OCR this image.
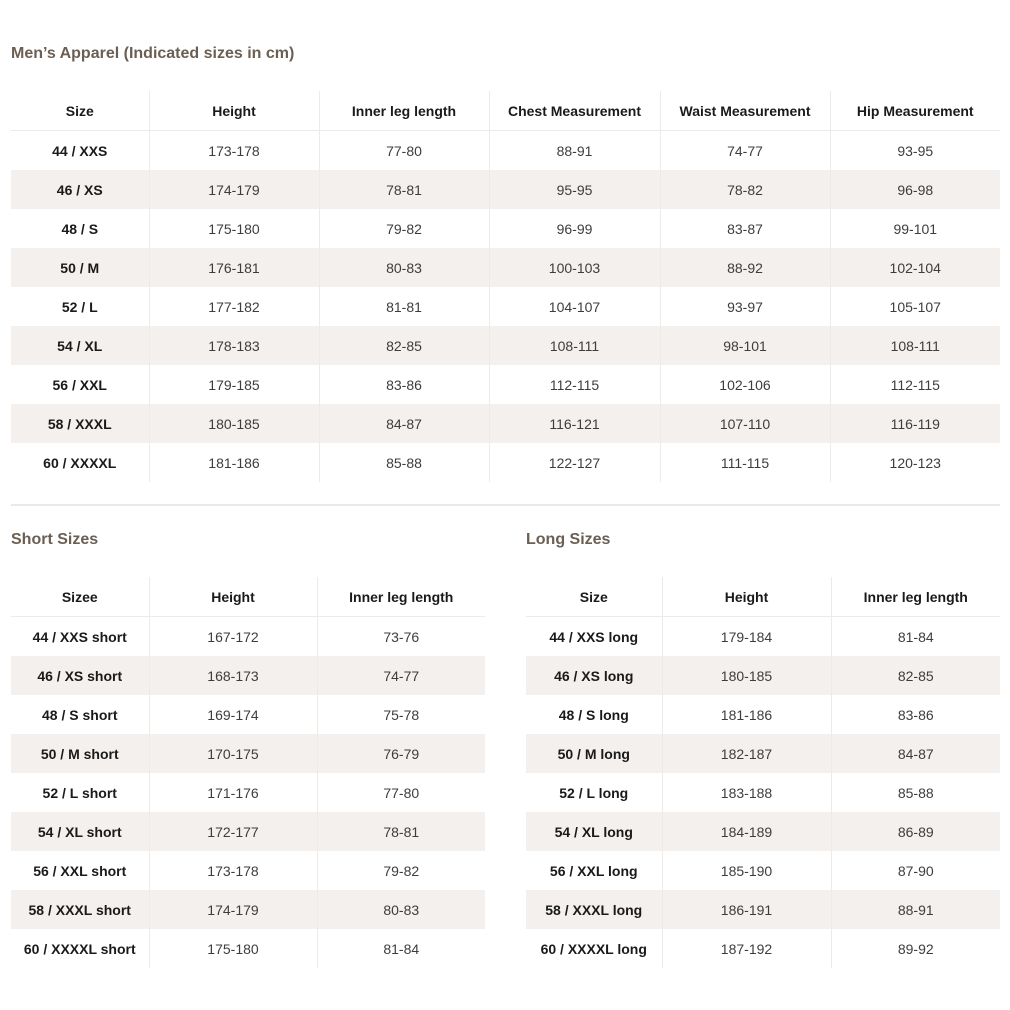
Men’s Apparel (Indicated sizes in cm)
Size	Height	Inner leg length	Chest Measurement	Waist Measurement	Hip Measurement
44 / XXS	173-178	77-80	88-91	74-77	93-95
46 / XS	174-179	78-81	95-95	78-82	96-98
48 / S	175-180	79-82	96-99	83-87	99-101
50 / M	176-181	80-83	100-103	88-92	102-104
52 / L	177-182	81-81	104-107	93-97	105-107
54 / XL	178-183	82-85	108-111	98-101	108-111
56 / XXL	179-185	83-86	112-115	102-106	112-115
58 / XXXL	180-185	84-87	116-121	107-110	116-119
60 / XXXXL	181-186	85-88	122-127	111-115	120-123
Short Sizes
Sizee	Height	Inner leg length
44 / XXS short	167-172	73-76
46 / XS short	168-173	74-77
48 / S short	169-174	75-78
50 / M short	170-175	76-79
52 / L short	171-176	77-80
54 / XL short	172-177	78-81
56 / XXL short	173-178	79-82
58 / XXXL short	174-179	80-83
60 / XXXXL short	175-180	81-84
Long Sizes
Size	Height	Inner leg length
44 / XXS long	179-184	81-84
46 / XS long	180-185	82-85
48 / S long	181-186	83-86
50 / M long	182-187	84-87
52 / L long	183-188	85-88
54 / XL long	184-189	86-89
56 / XXL long	185-190	87-90
58 / XXXL long	186-191	88-91
60 / XXXXL long	187-192	89-92
